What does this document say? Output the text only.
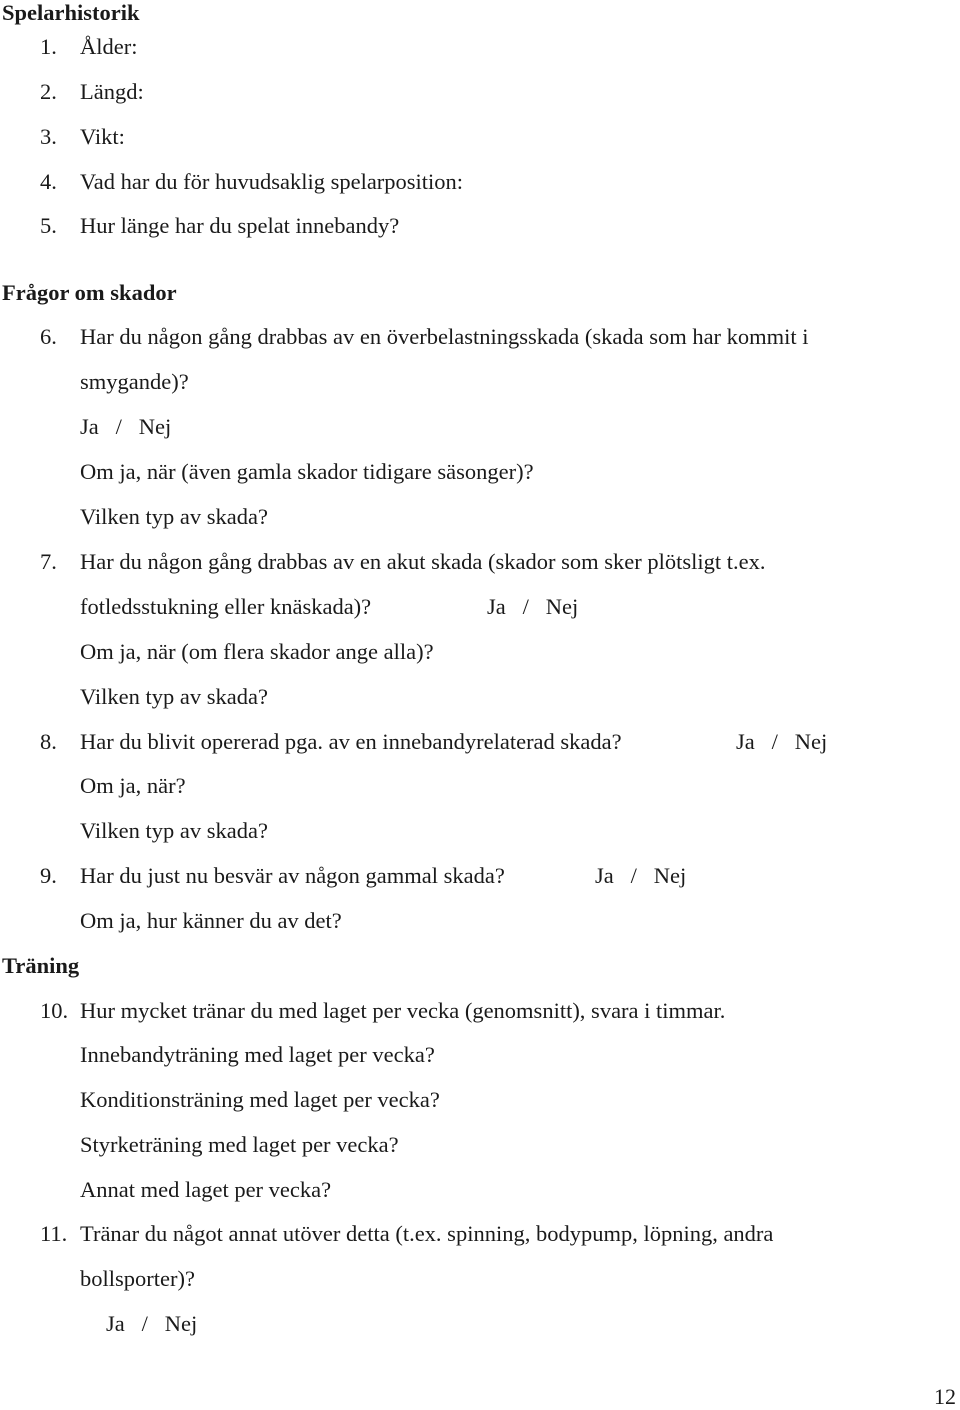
Spelarhistorik
1. Ålder:
2. Längd:
3. Vikt:
4. Vad har du för huvudsaklig spelarposition:
5. Hur länge har du spelat innebandy?
Frågor om skador
6. Har du någon gång drabbas av en överbelastningsskada (skada som har kommit i
smygande)?
Ja   /   Nej
Om ja, när (även gamla skador tidigare säsonger)?
Vilken typ av skada?
7. Har du någon gång drabbas av en akut skada (skador som sker plötsligt t.ex.
fotledsstukning eller knäskada)?	Ja   /   Nej
Om ja, när (om flera skador ange alla)?
Vilken typ av skada?
8. Har du blivit opererad pga. av en innebandyrelaterad skada?	Ja   /   Nej
Om ja, när?
Vilken typ av skada?
9. Har du just nu besvär av någon gammal skada?	Ja   /   Nej
Om ja, hur känner du av det?
Träning
10. Hur mycket tränar du med laget per vecka (genomsnitt), svara i timmar.
Innebandyträning med laget per vecka?
Konditionsträning med laget per vecka?
Styrketräning med laget per vecka?
Annat med laget per vecka?
11. Tränar du något annat utöver detta (t.ex. spinning, bodypump, löpning, andra
bollsporter)?
Ja   /   Nej
12
